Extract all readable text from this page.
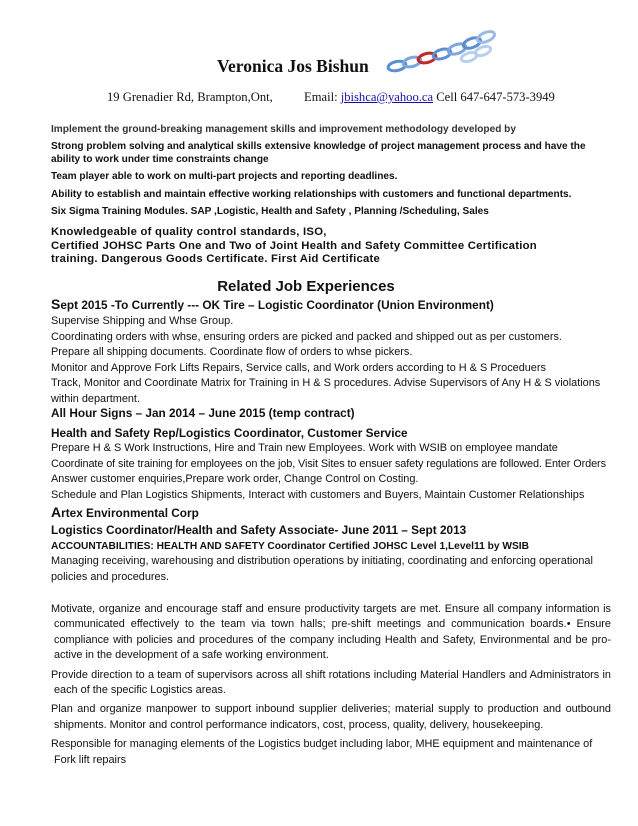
Veronica Jos Bishun
19 Grenadier Rd, Brampton,Ont, Email: jbishca@yahoo.ca Cell 647-647-573-3949

Implement the ground-breaking management skills and improvement methodology developed by

Strong problem solving and analytical skills extensive knowledge of project management process and have the ability to work under time constraints change

Team player able to work on multi-part projects and reporting deadlines.

Ability to establish and maintain effective working relationships with customers and functional departments.

Six Sigma Training Modules. SAP ,Logistic, Health and Safety , Planning /Scheduling, Sales

Knowledgeable of quality control standards, ISO,
Certified JOHSC Parts One and Two of Joint Health and Safety Committee Certification
training. Dangerous Goods Certificate. First Aid Certificate
Related Job Experiences

Sept 2015 -To Currently --- OK Tire – Logistic Coordinator (Union Environment)

Supervise Shipping and Whse Group.

Coordinating orders with whse, ensuring orders are picked and packed and shipped out as per customers.

Prepare all shipping documents. Coordinate flow of orders to whse pickers.

Monitor and Approve Fork Lifts Repairs, Service calls, and Work orders according to H & S Proceduers

Track, Monitor and Coordinate Matrix for Training in H & S procedures. Advise Supervisors of Any H & S violations within department.

All Hour Signs – Jan 2014 – June 2015 (temp contract)

Health and Safety Rep/Logistics Coordinator, Customer Service

Prepare H & S Work Instructions, Hire and Train new Employees. Work with WSIB on employee mandate

Coordinate of site training for employees on the job, Visit Sites to ensuer safety regulations are followed. Enter Orders

Answer customer enquiries,Prepare work order, Change Control on Costing.

Schedule and Plan Logistics Shipments, Interact with customers and Buyers, Maintain Customer Relationships

Artex Environmental Corp

Logistics Coordinator/Health and Safety Associate- June 2011 – Sept 2013

ACCOUNTABILITIES: HEALTH AND SAFETY Coordinator Certified JOHSC Level 1,Level11 by WSIB

Managing receiving, warehousing and distribution operations by initiating, coordinating and enforcing operational policies and procedures.

Motivate, organize and encourage staff and ensure productivity targets are met. Ensure all company information is communicated effectively to the team via town halls; pre-shift meetings and communication boards.• Ensure compliance with policies and procedures of the company including Health and Safety, Environmental and be pro-active in the development of a safe working environment.

Provide direction to a team of supervisors across all shift rotations including Material Handlers and Administrators in each of the specific Logistics areas.

Plan and organize manpower to support inbound supplier deliveries; material supply to production and outbound shipments. Monitor and control performance indicators, cost, process, quality, delivery, housekeeping.

Responsible for managing elements of the Logistics budget including labor, MHE equipment and maintenance of Fork lift repairs
